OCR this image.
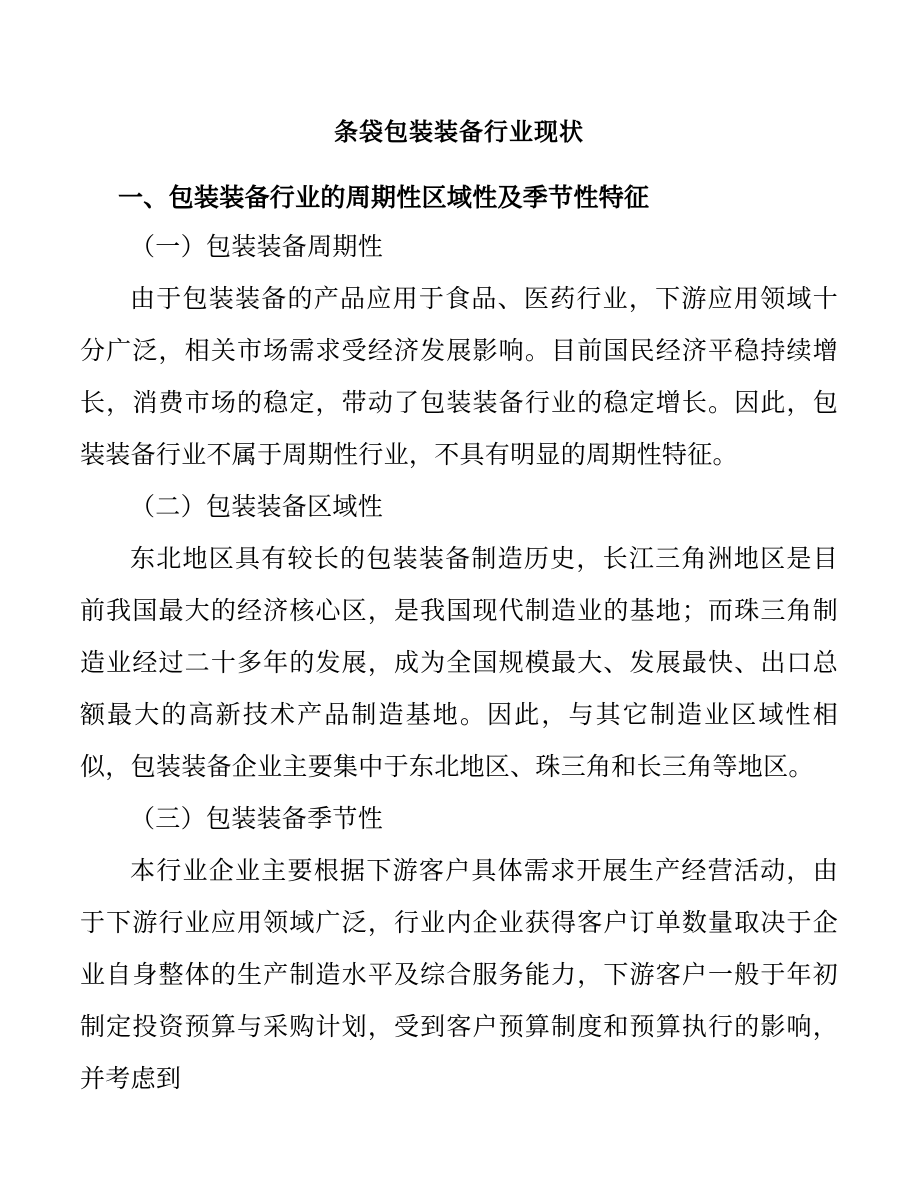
条袋包装装备行业现状
一、包装装备行业的周期性区域性及季节性特征
（一）包装装备周期性

由于包装装备的产品应用于食品、医药行业，下游应用领域十分广泛，相关市场需求受经济发展影响。目前国民经济平稳持续增长，消费市场的稳定，带动了包装装备行业的稳定增长。因此，包装装备行业不属于周期性行业，不具有明显的周期性特征。

（二）包装装备区域性

东北地区具有较长的包装装备制造历史，长江三角洲地区是目前我国最大的经济核心区，是我国现代制造业的基地；而珠三角制造业经过二十多年的发展，成为全国规模最大、发展最快、出口总额最大的高新技术产品制造基地。因此，与其它制造业区域性相似，包装装备企业主要集中于东北地区、珠三角和长三角等地区。

（三）包装装备季节性

本行业企业主要根据下游客户具体需求开展生产经营活动，由于下游行业应用领域广泛，行业内企业获得客户订单数量取决于企业自身整体的生产制造水平及综合服务能力，下游客户一般于年初制定投资预算与采购计划，受到客户预算制度和预算执行的影响，并考虑到
